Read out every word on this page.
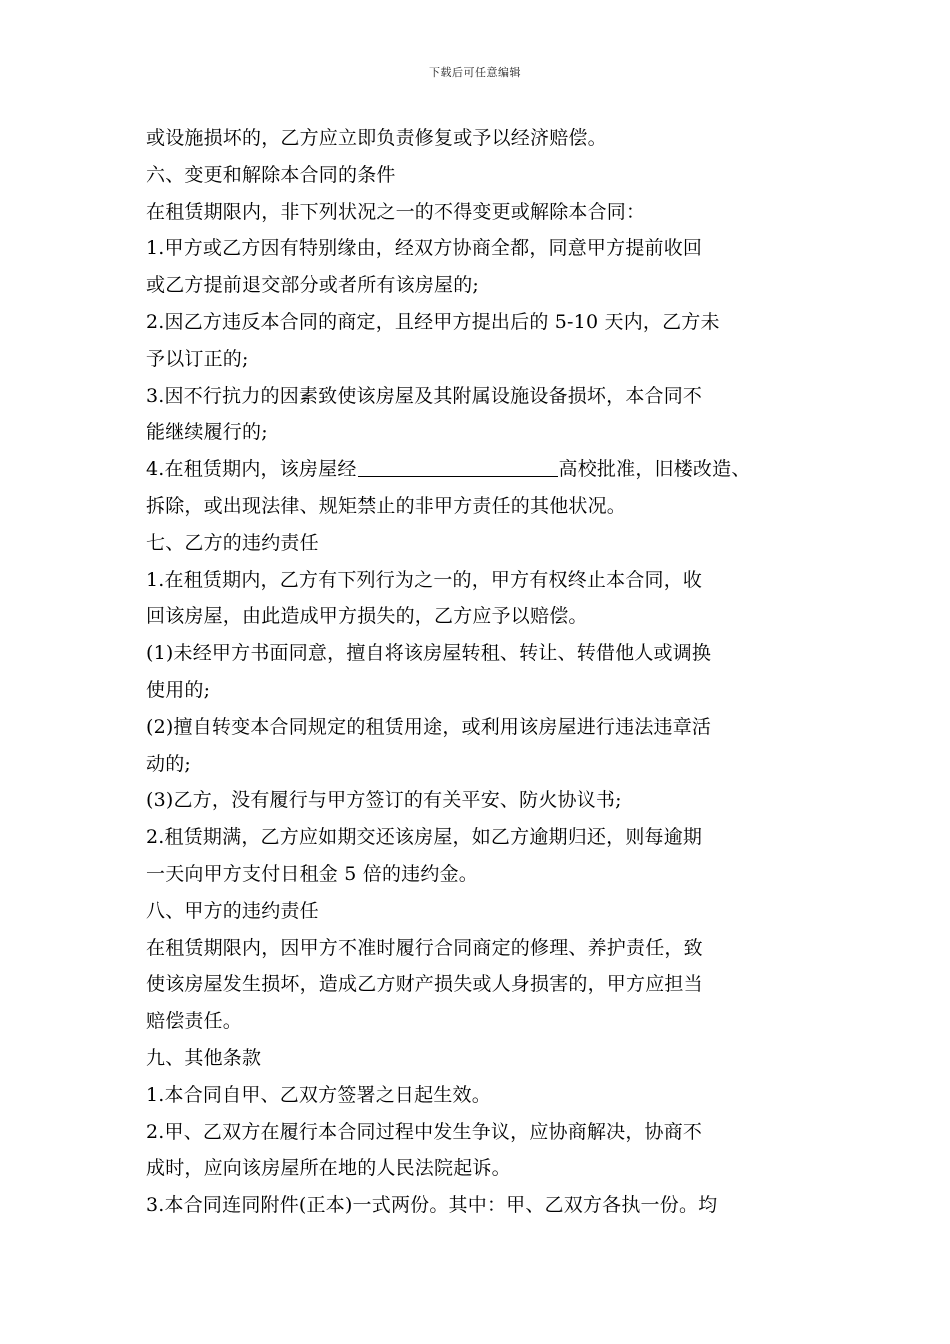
下载后可任意编辑
或设施损坏的，乙方应立即负责修复或予以经济赔偿。
六、变更和解除本合同的条件
在租赁期限内，非下列状况之一的不得变更或解除本合同：
1.甲方或乙方因有特别缘由，经双方协商全都，同意甲方提前收回
或乙方提前退交部分或者所有该房屋的;
2.因乙方违反本合同的商定，且经甲方提出后的 5-10 天内，乙方未
予以订正的;
3.因不行抗力的因素致使该房屋及其附属设施设备损坏，本合同不
能继续履行的;
4.在租赁期内，该房屋经	高校批准，旧楼改造、
拆除，或出现法律、规矩禁止的非甲方责任的其他状况。
七、乙方的违约责任
1.在租赁期内，乙方有下列行为之一的，甲方有权终止本合同，收
回该房屋，由此造成甲方损失的，乙方应予以赔偿。
(1)未经甲方书面同意，擅自将该房屋转租、转让、转借他人或调换
使用的;
(2)擅自转变本合同规定的租赁用途，或利用该房屋进行违法违章活
动的;
(3)乙方，没有履行与甲方签订的有关平安、防火协议书;
2.租赁期满，乙方应如期交还该房屋，如乙方逾期归还，则每逾期
一天向甲方支付日租金 5 倍的违约金。
八、甲方的违约责任
在租赁期限内，因甲方不准时履行合同商定的修理、养护责任，致
使该房屋发生损坏，造成乙方财产损失或人身损害的，甲方应担当
赔偿责任。
九、其他条款
1.本合同自甲、乙双方签署之日起生效。
2.甲、乙双方在履行本合同过程中发生争议，应协商解决，协商不
成时，应向该房屋所在地的人民法院起诉。
3.本合同连同附件(正本)一式两份。其中：甲、乙双方各执一份。均
